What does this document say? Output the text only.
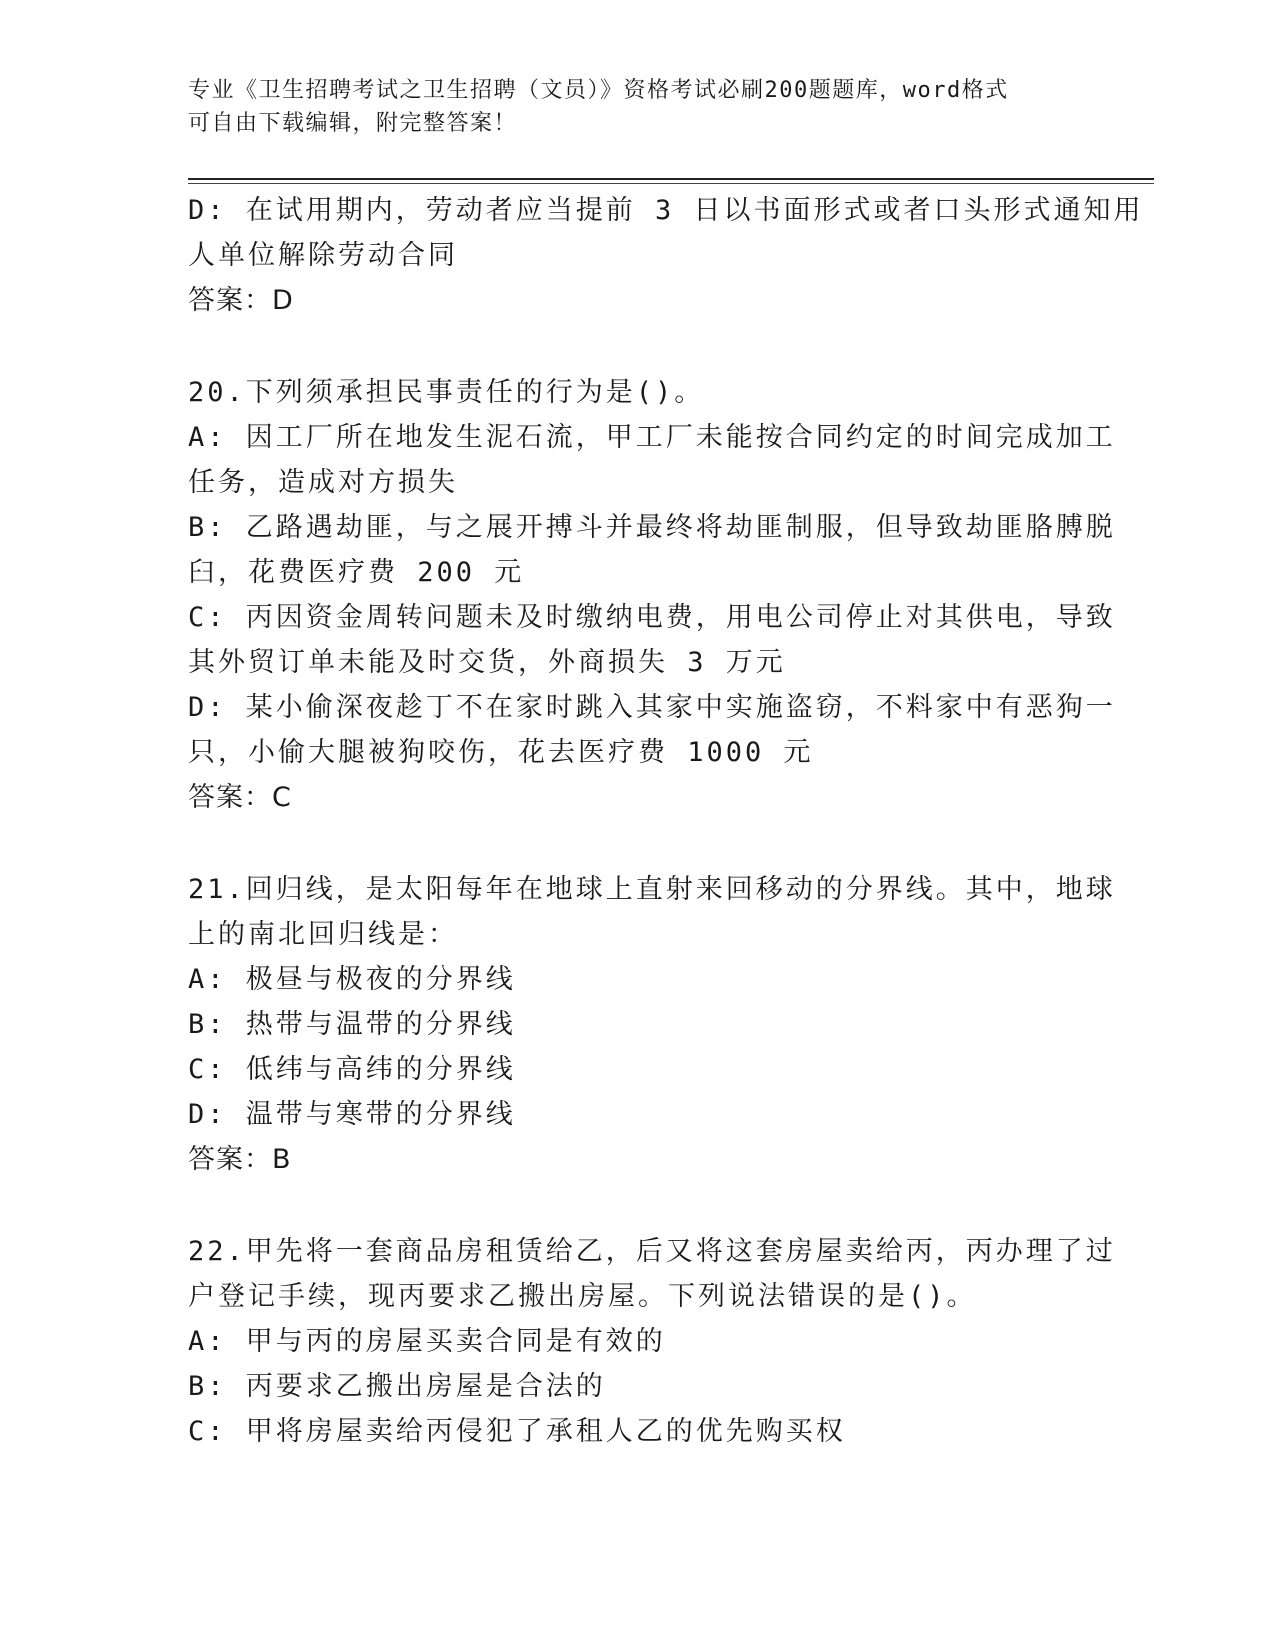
专业《卫生招聘考试之卫生招聘（文员）》资格考试必刷200题题库，word格式
可自由下载编辑，附完整答案！
D: 在试用期内，劳动者应当提前 3 日以书面形式或者口头形式通知用
人单位解除劳动合同
答案：D
20.下列须承担民事责任的行为是()。
A: 因工厂所在地发生泥石流，甲工厂未能按合同约定的时间完成加工
任务，造成对方损失
B: 乙路遇劫匪，与之展开搏斗并最终将劫匪制服，但导致劫匪胳膊脱
臼，花费医疗费 200 元
C: 丙因资金周转问题未及时缴纳电费，用电公司停止对其供电，导致
其外贸订单未能及时交货，外商损失 3 万元
D: 某小偷深夜趁丁不在家时跳入其家中实施盗窃，不料家中有恶狗一
只，小偷大腿被狗咬伤，花去医疗费 1000 元
答案：C
21.回归线，是太阳每年在地球上直射来回移动的分界线。其中，地球
上的南北回归线是：
A: 极昼与极夜的分界线
B: 热带与温带的分界线
C: 低纬与高纬的分界线
D: 温带与寒带的分界线
答案：B
22.甲先将一套商品房租赁给乙，后又将这套房屋卖给丙，丙办理了过
户登记手续，现丙要求乙搬出房屋。下列说法错误的是()。
A: 甲与丙的房屋买卖合同是有效的
B: 丙要求乙搬出房屋是合法的
C: 甲将房屋卖给丙侵犯了承租人乙的优先购买权
